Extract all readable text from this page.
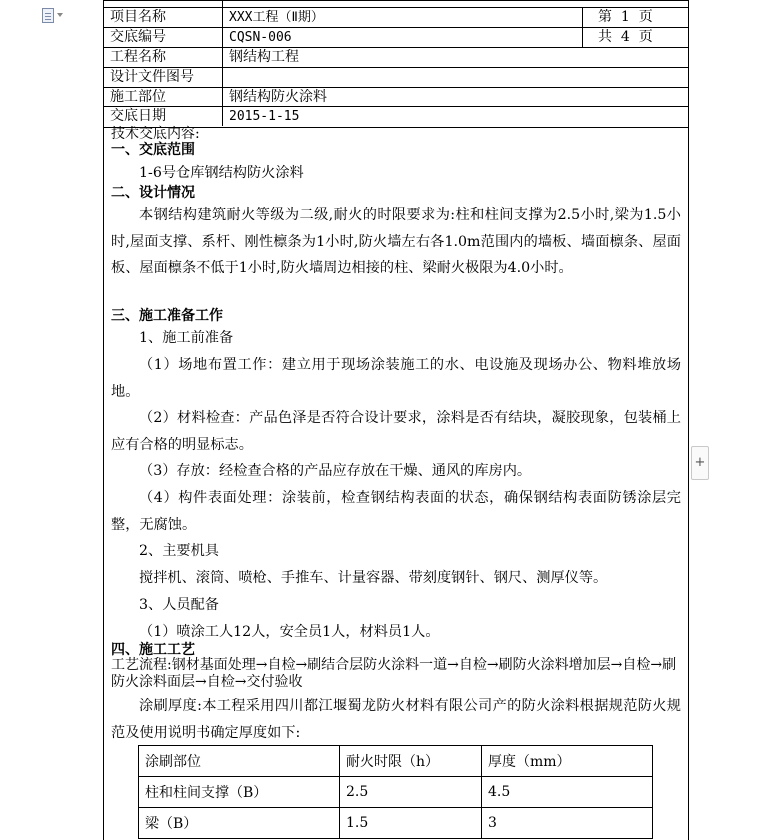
项目名称	XXX工程（Ⅱ期）	第  1  页
交底编号	CQSN-006	共  4  页
工程名称	钢结构工程
设计文件图号
施工部位	钢结构防火涂料
交底日期	2015-1-15
技术交底内容:
一、交底范围
1-6号仓库钢结构防火涂料
二、设计情况
本钢结构建筑耐火等级为二级,耐火的时限要求为:柱和柱间支撑为2.5小时,梁为1.5小时,屋面支撑、系杆、刚性檩条为1小时,防火墙左右各1.0m范围内的墙板、墙面檩条、屋面板、屋面檩条不低于1小时,防火墙周边相接的柱、梁耐火极限为4.0小时。
三、施工准备工作
1、施工前准备
（1）场地布置工作：建立用于现场涂装施工的水、电设施及现场办公、物料堆放场地。
（2）材料检查：产品色泽是否符合设计要求，涂料是否有结块，凝胶现象，包装桶上应有合格的明显标志。
（3）存放：经检查合格的产品应存放在干燥、通风的库房内。
（4）构件表面处理：涂装前，检查钢结构表面的状态，确保钢结构表面防锈涂层完整，无腐蚀。
2、主要机具
搅拌机、滚筒、喷枪、手推车、计量容器、带刻度钢针、钢尺、测厚仪等。
3、人员配备
（1）喷涂工人12人，安全员1人，材料员1人。
四、施工工艺
工艺流程:钢材基面处理→自检→刷结合层防火涂料一道→自检→刷防火涂料增加层→自检→刷防火涂料面层→自检→交付验收
涂刷厚度:本工程采用四川都江堰蜀龙防火材料有限公司产的防火涂料根据规范防火规范及使用说明书确定厚度如下:
涂刷部位	耐火时限（h）	厚度（mm）
柱和柱间支撑（B）	2.5	4.5
梁（B）	1.5	3
+
